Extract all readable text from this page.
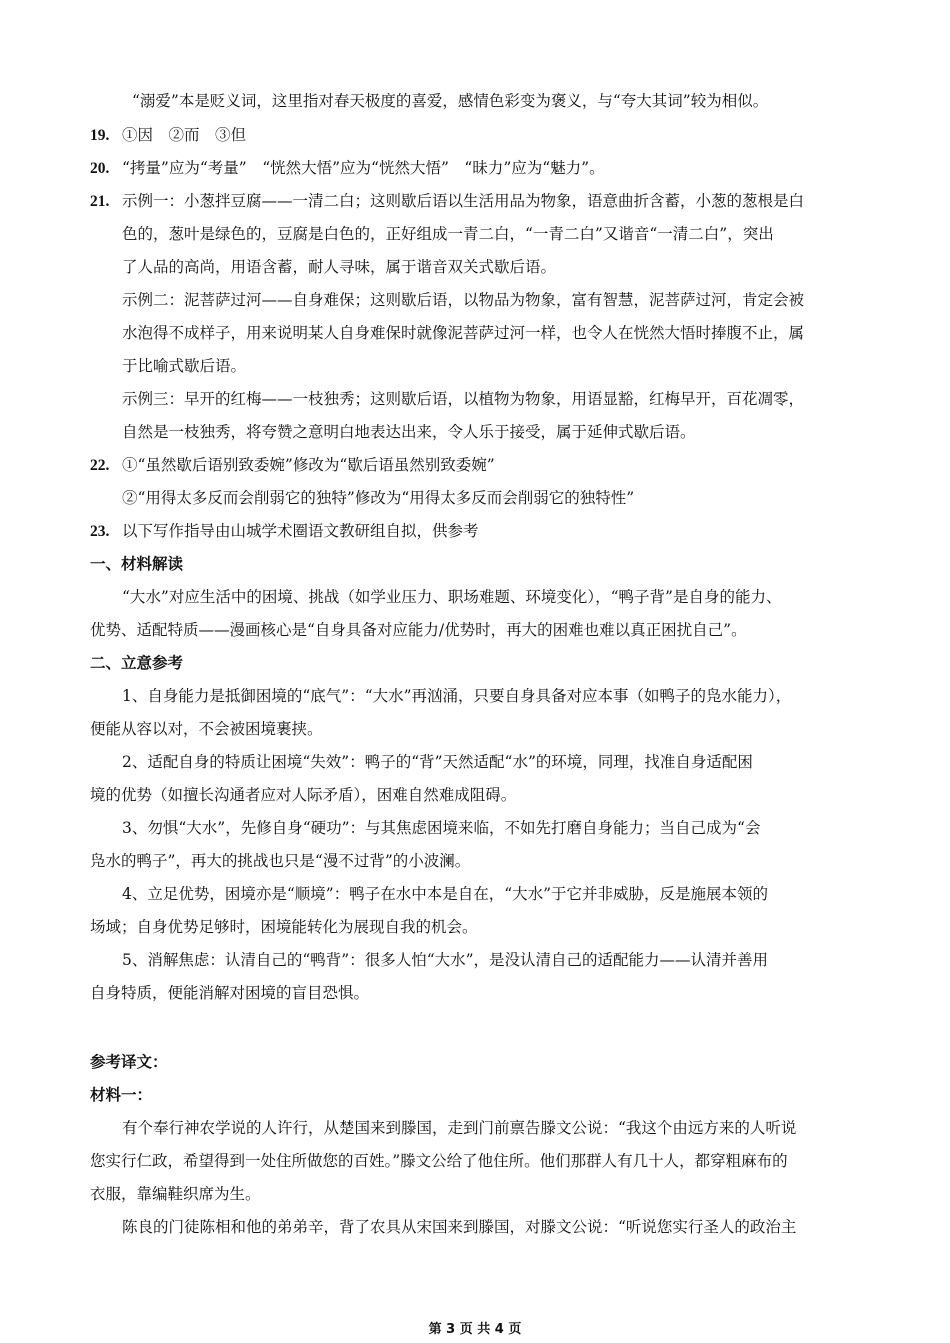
“溺爱”本是贬义词，这里指对春天极度的喜爱，感情色彩变为褒义，与“夸大其词”较为相似。
19. ①因　②而　③但
20. “拷量”应为“考量”　“恍然大悟”应为“恍然大悟”　“昧力”应为“魅力”。
21. 示例一：小葱拌豆腐——一清二白；这则歇后语以生活用品为物象，语意曲折含蓄，小葱的葱根是白
色的，葱叶是绿色的，豆腐是白色的，正好组成一青二白，“一青二白”又谐音“一清二白”，突出
了人品的高尚，用语含蓄，耐人寻味，属于谐音双关式歇后语。
示例二：泥菩萨过河——自身难保；这则歇后语，以物品为物象，富有智慧，泥菩萨过河，肯定会被
水泡得不成样子，用来说明某人自身难保时就像泥菩萨过河一样，也令人在恍然大悟时捧腹不止，属
于比喻式歇后语。
示例三：早开的红梅——一枝独秀；这则歇后语，以植物为物象，用语显豁，红梅早开，百花凋零，
自然是一枝独秀，将夸赞之意明白地表达出来，令人乐于接受，属于延伸式歇后语。
22. ①“虽然歇后语别致委婉”修改为“歇后语虽然别致委婉”
②“用得太多反而会削弱它的独特”修改为“用得太多反而会削弱它的独特性”
23. 以下写作指导由山城学术圈语文教研组自拟，供参考
一、材料解读
“大水”对应生活中的困境、挑战（如学业压力、职场难题、环境变化），“鸭子背”是自身的能力、
优势、适配特质——漫画核心是“自身具备对应能力/优势时，再大的困难也难以真正困扰自己”。
二、立意参考
1、自身能力是抵御困境的“底气”：“大水”再汹涌，只要自身具备对应本事（如鸭子的凫水能力），
便能从容以对，不会被困境裹挟。
2、适配自身的特质让困境“失效”：鸭子的“背”天然适配“水”的环境，同理，找准自身适配困
境的优势（如擅长沟通者应对人际矛盾），困难自然难成阻碍。
3、勿惧“大水”，先修自身“硬功”：与其焦虑困境来临，不如先打磨自身能力；当自己成为“会
凫水的鸭子”，再大的挑战也只是“漫不过背”的小波澜。
4、立足优势，困境亦是“顺境”：鸭子在水中本是自在，“大水”于它并非威胁，反是施展本领的
场域；自身优势足够时，困境能转化为展现自我的机会。
5、消解焦虑：认清自己的“鸭背”：很多人怕“大水”，是没认清自己的适配能力——认清并善用
自身特质，便能消解对困境的盲目恐惧。
参考译文：
材料一：
有个奉行神农学说的人许行，从楚国来到滕国，走到门前禀告滕文公说：“我这个由远方来的人听说
您实行仁政，希望得到一处住所做您的百姓。”滕文公给了他住所。他们那群人有几十人，都穿粗麻布的
衣服，靠编鞋织席为生。
陈良的门徒陈相和他的弟弟辛，背了农具从宋国来到滕国，对滕文公说：“听说您实行圣人的政治主
第 3 页 共 4 页
